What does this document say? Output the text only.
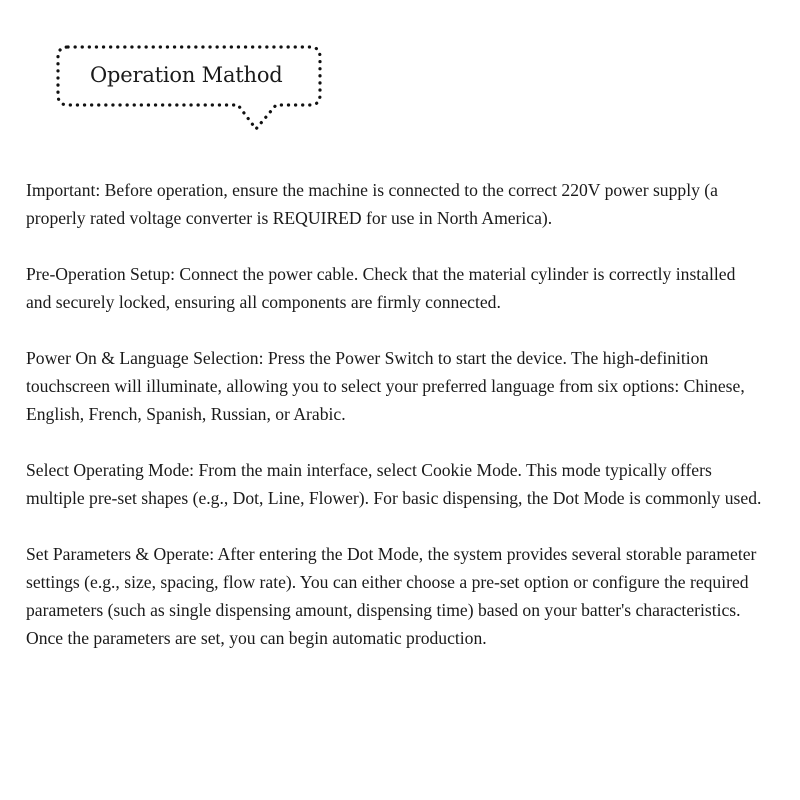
Operation Mathod

Important: Before operation, ensure the machine is connected to the correct 220V power supply (a properly rated voltage converter is REQUIRED for use in North America).

Pre-Operation Setup: Connect the power cable. Check that the material cylinder is correctly installed and securely locked, ensuring all components are firmly connected.

Power On & Language Selection: Press the Power Switch to start the device. The high-definition touchscreen will illuminate, allowing you to select your preferred language from six options: Chinese, English, French, Spanish, Russian, or Arabic.

Select Operating Mode: From the main interface, select Cookie Mode. This mode typically offers multiple pre-set shapes (e.g., Dot, Line, Flower). For basic dispensing, the Dot Mode is commonly used.

Set Parameters & Operate: After entering the Dot Mode, the system provides several storable parameter settings (e.g., size, spacing, flow rate). You can either choose a pre-set option or configure the required parameters (such as single dispensing amount, dispensing time) based on your batter's characteristics. Once the parameters are set, you can begin automatic production.
